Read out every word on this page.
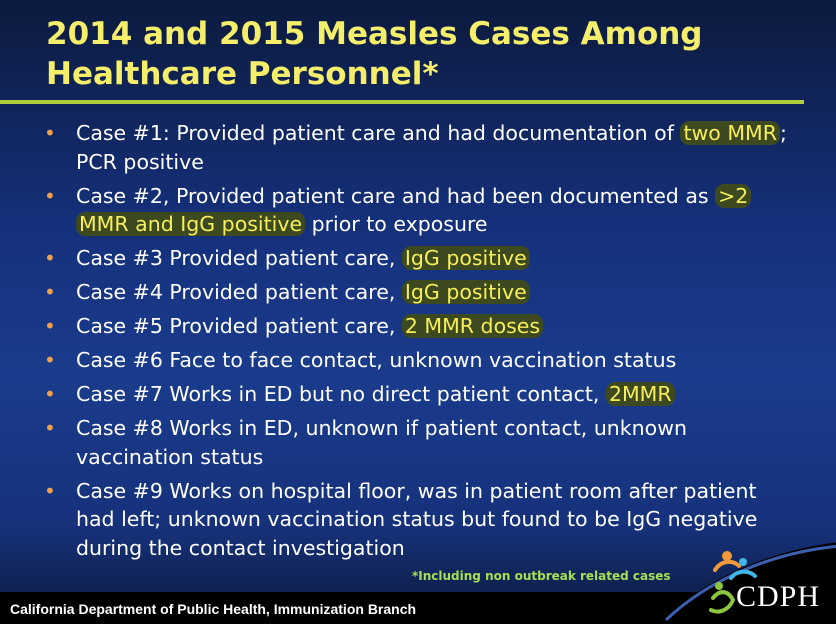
2014 and 2015 Measles Cases Among Healthcare Personnel*
• Case #1: Provided patient care and had documentation of two MMR ; PCR positive
• Case #2, Provided patient care and had been documented as >2 MMR and IgG positive prior to exposure
• Case #3 Provided patient care, IgG positive
• Case #4 Provided patient care, IgG positive
• Case #5 Provided patient care, 2 MMR doses
• Case #6 Face to face contact, unknown vaccination status
• Case #7 Works in ED but no direct patient contact, 2MMR
• Case #8 Works in ED, unknown if patient contact, unknown vaccination status
• Case #9 Works on hospital floor, was in patient room after patient had left; unknown vaccination status but found to be IgG negative during the contact investigation
*Including non outbreak related cases
CDPH
California Department of Public Health, Immunization Branch
